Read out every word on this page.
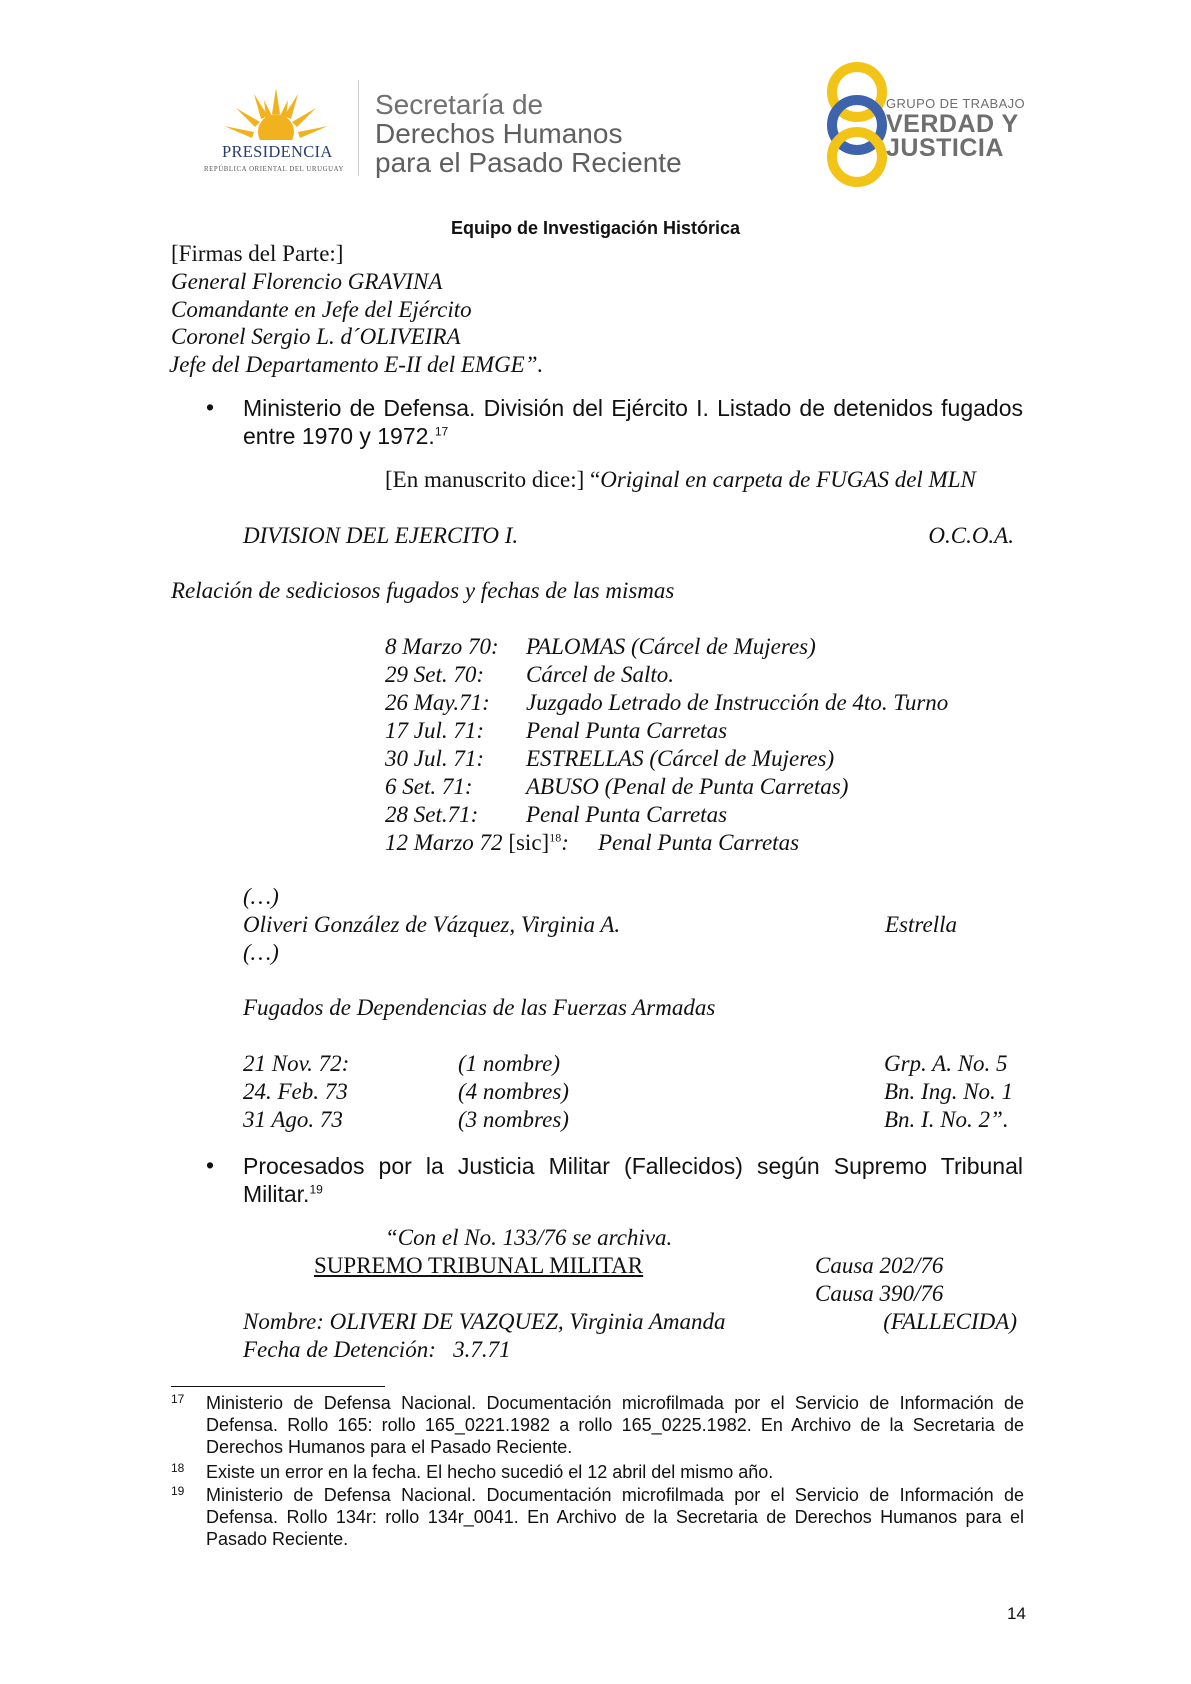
PRESIDENCIA
REPÚBLICA ORIENTAL DEL URUGUAY
Secretaría de
Derechos Humanos
para el Pasado Reciente
GRUPO DE TRABAJO
VERDAD Y
JUSTICIA
Equipo de Investigación Histórica
[Firmas del Parte:]
General Florencio GRAVINA
Comandante en Jefe del Ejército
Coronel Sergio L. d´OLIVEIRA
Jefe del Departamento E-II del EMGE”.
• Ministerio de Defensa. División del Ejército I. Listado de detenidos fugados entre 1970 y 1972.17
[En manuscrito dice:] “Original en carpeta de FUGAS del MLN
DIVISION DEL EJERCITO I.	O.C.O.A.
Relación de sediciosos fugados y fechas de las mismas
8 Marzo 70: PALOMAS (Cárcel de Mujeres)
29 Set. 70: Cárcel de Salto.
26 May.71: Juzgado Letrado de Instrucción de 4to. Turno
17 Jul. 71: Penal Punta Carretas
30 Jul. 71: ESTRELLAS (Cárcel de Mujeres)
6 Set. 71: ABUSO (Penal de Punta Carretas)
28 Set.71: Penal Punta Carretas
12 Marzo 72 [sic]$^{18}$: Penal Punta Carretas
(…)
Oliveri González de Vázquez, Virginia A.	Estrella
(…)
Fugados de Dependencias de las Fuerzas Armadas
21 Nov. 72:	(1 nombre)	Grp. A. No. 5
24. Feb. 73	(4 nombres)	Bn. Ing. No. 1
31 Ago. 73	(3 nombres)	Bn. I. No. 2”.
• Procesados por la Justicia Militar (Fallecidos) según Supremo Tribunal Militar.$^{19}$
“Con el No. 133/76 se archiva.
SUPREMO TRIBUNAL MILITAR	Causa 202/76
Causa 390/76
Nombre: OLIVERI DE VAZQUEZ, Virginia Amanda	(FALLECIDA)
Fecha de Detención:   3.7.71
17 Ministerio de Defensa Nacional. Documentación microfilmada por el Servicio de Información de Defensa. Rollo 165: rollo 165_0221.1982 a rollo 165_0225.1982. En Archivo de la Secretaria de Derechos Humanos para el Pasado Reciente.
18 Existe un error en la fecha. El hecho sucedió el 12 abril del mismo año.
19 Ministerio de Defensa Nacional. Documentación microfilmada por el Servicio de Información de Defensa. Rollo 134r: rollo 134r_0041. En Archivo de la Secretaria de Derechos Humanos para el Pasado Reciente.
14
